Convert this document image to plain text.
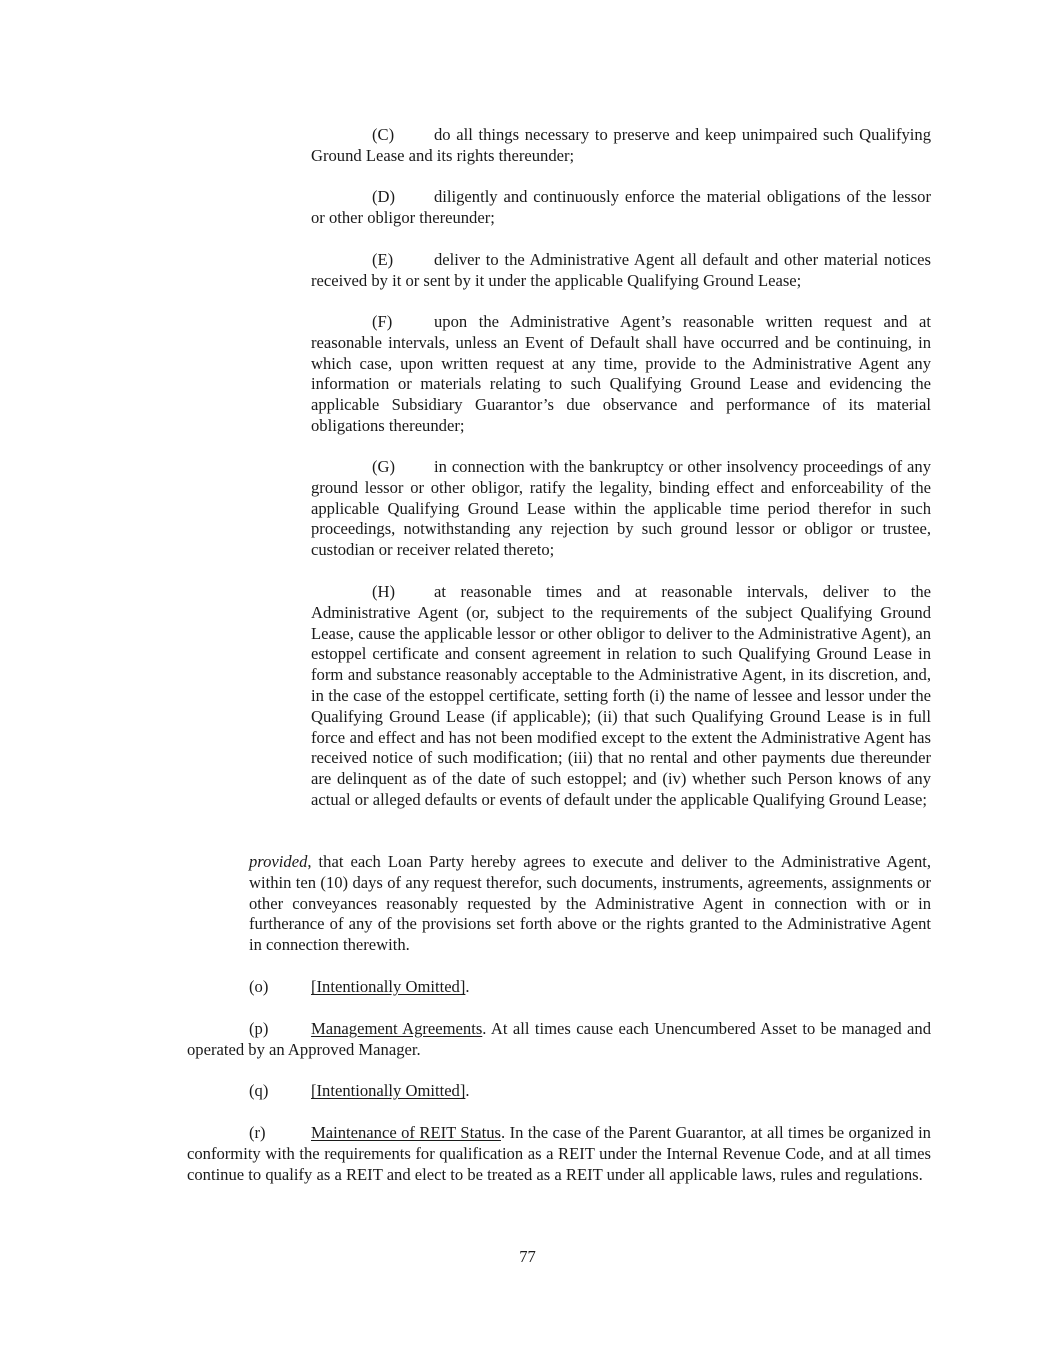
(C) do all things necessary to preserve and keep unimpaired such Qualifying Ground Lease and its rights thereunder;

(D) diligently and continuously enforce the material obligations of the lessor or other obligor thereunder;

(E) deliver to the Administrative Agent all default and other material notices received by it or sent by it under the applicable Qualifying Ground Lease;

(F)	upon the Administrative Agent’s reasonable written request and at reasonable intervals, unless an Event of Default shall have occurred and be continuing, in which case, upon written request at any time, provide to the Administrative Agent any information or materials relating to such Qualifying Ground Lease and evidencing the applicable Subsidiary Guarantor’s due observance and performance of its material obligations thereunder;

(G) in connection with the bankruptcy or other insolvency proceedings of any ground lessor or other obligor, ratify the legality, binding effect and enforceability of the applicable Qualifying Ground Lease within the applicable time period therefor in such proceedings, notwithstanding any rejection by such ground lessor or obligor or trustee, custodian or receiver related thereto;

(H) at reasonable times and at reasonable intervals, deliver to the Administrative Agent (or, subject to the requirements of the subject Qualifying Ground Lease, cause the applicable lessor or other obligor to deliver to the Administrative Agent), an estoppel certificate and consent agreement in relation to such Qualifying Ground Lease in form and substance reasonably acceptable to the Administrative Agent, in its discretion, and, in the case of the estoppel certificate, setting forth (i) the name of lessee and lessor under the Qualifying Ground Lease (if applicable); (ii) that such Qualifying Ground Lease is in full force and effect and has not been modified except to the extent the Administrative Agent has received notice of such modification; (iii) that no rental and other payments due thereunder are delinquent as of the date of such estoppel; and (iv) whether such Person knows of any actual or alleged defaults or events of default under the applicable Qualifying Ground Lease;

provided, that each Loan Party hereby agrees to execute and deliver to the Administrative Agent, within ten (10) days of any request therefor, such documents, instruments, agreements, assignments or other conveyances reasonably requested by the Administrative Agent in connection with or in furtherance of any of the provisions set forth above or the rights granted to the Administrative Agent in connection therewith.

(o)	[Intentionally Omitted].

(p)	Management Agreements. At all times cause each Unencumbered Asset to be managed and operated by an Approved Manager.

(q)	[Intentionally Omitted].

(r)	Maintenance of REIT Status. In the case of the Parent Guarantor, at all times be organized in conformity with the requirements for qualification as a REIT under the Internal Revenue Code, and at all times continue to qualify as a REIT and elect to be treated as a REIT under all applicable laws, rules and regulations.

77
